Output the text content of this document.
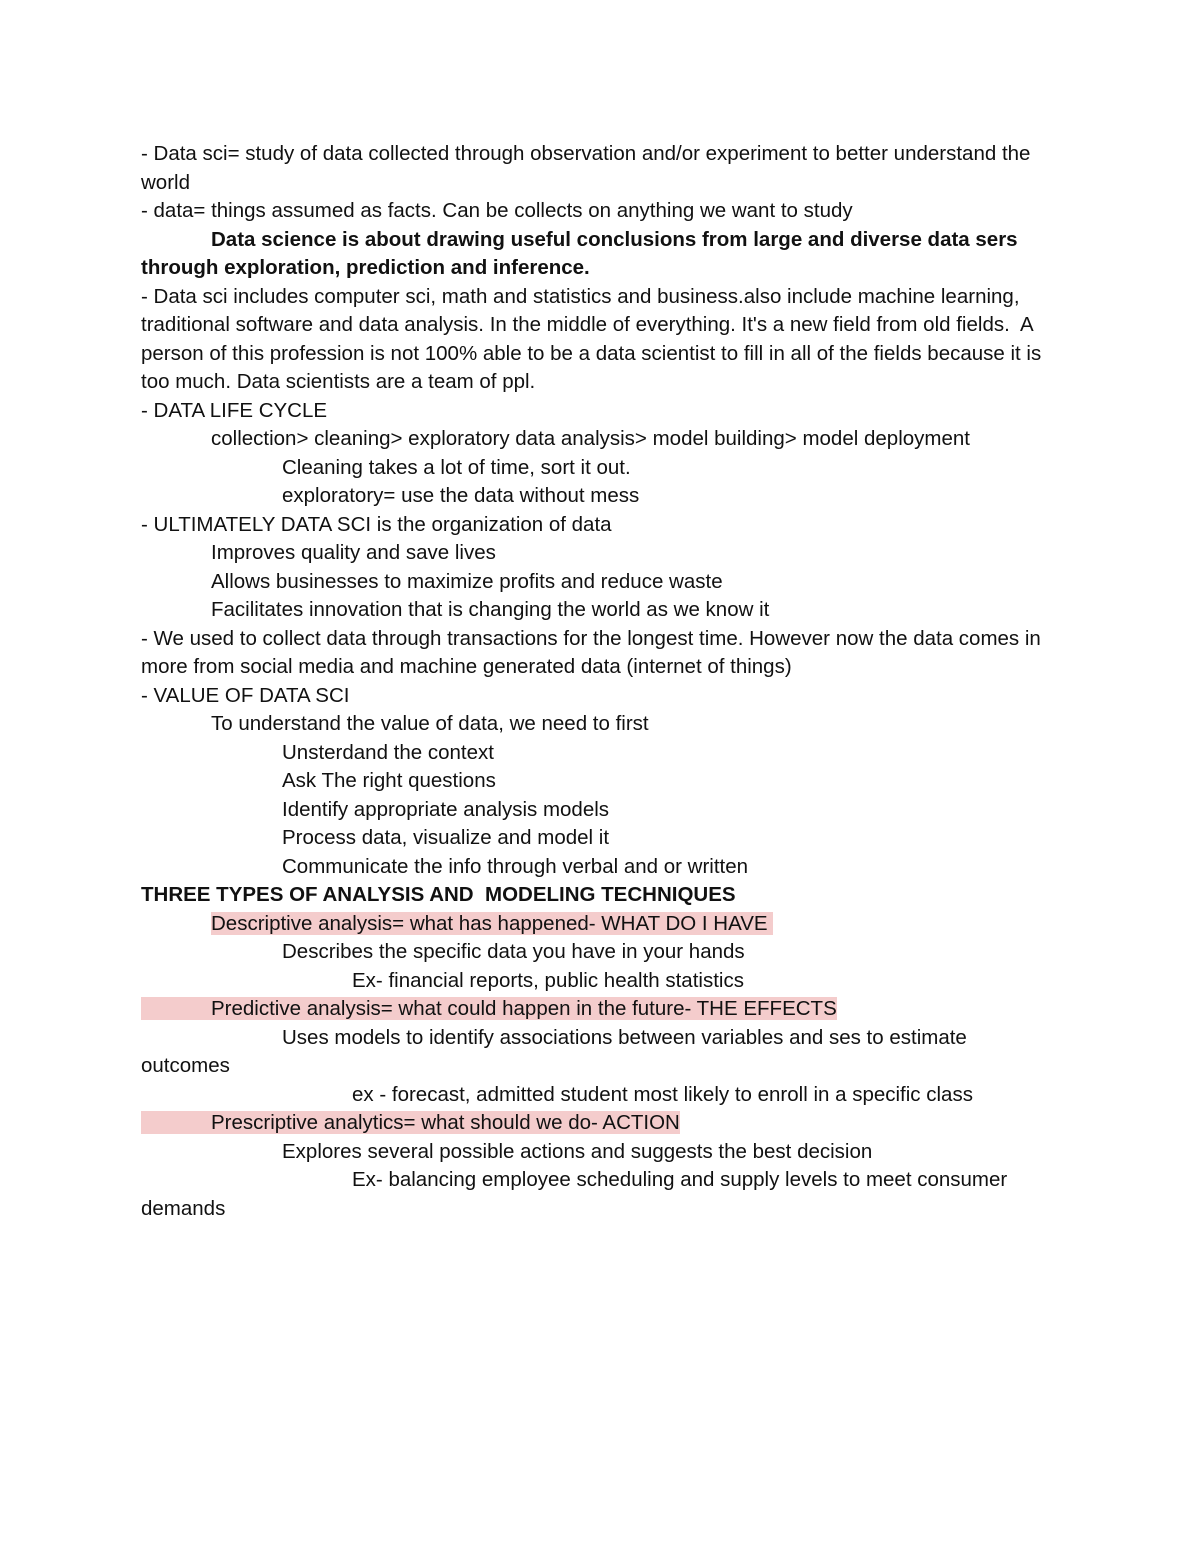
- Data sci= study of data collected through observation and/or experiment to better understand the world

- data= things assumed as facts. Can be collects on anything we want to study

Data science is about drawing useful conclusions from large and diverse data sers through exploration, prediction and inference.

- Data sci includes computer sci, math and statistics and business.also include machine learning, traditional software and data analysis. In the middle of everything. It's a new field from old fields.  A person of this profession is not 100% able to be a data scientist to fill in all of the fields because it is too much. Data scientists are a team of ppl.

- DATA LIFE CYCLE

collection> cleaning> exploratory data analysis> model building> model deployment

Cleaning takes a lot of time, sort it out.

exploratory= use the data without mess

- ULTIMATELY DATA SCI is the organization of data

Improves quality and save lives

Allows businesses to maximize profits and reduce waste

Facilitates innovation that is changing the world as we know it

- We used to collect data through transactions for the longest time. However now the data comes in more from social media and machine generated data (internet of things)

- VALUE OF DATA SCI

To understand the value of data, we need to first

Unsterdand the context

Ask The right questions

Identify appropriate analysis models

Process data, visualize and model it

Communicate the info through verbal and or written

THREE TYPES OF ANALYSIS AND  MODELING TECHNIQUES

Descriptive analysis= what has happened- WHAT DO I HAVE

Describes the specific data you have in your hands

Ex- financial reports, public health statistics

Predictive analysis= what could happen in the future- THE EFFECTS

Uses models to identify associations between variables and ses to estimate outcomes

ex - forecast, admitted student most likely to enroll in a specific class

Prescriptive analytics= what should we do- ACTION

Explores several possible actions and suggests the best decision

Ex- balancing employee scheduling and supply levels to meet consumer demands
